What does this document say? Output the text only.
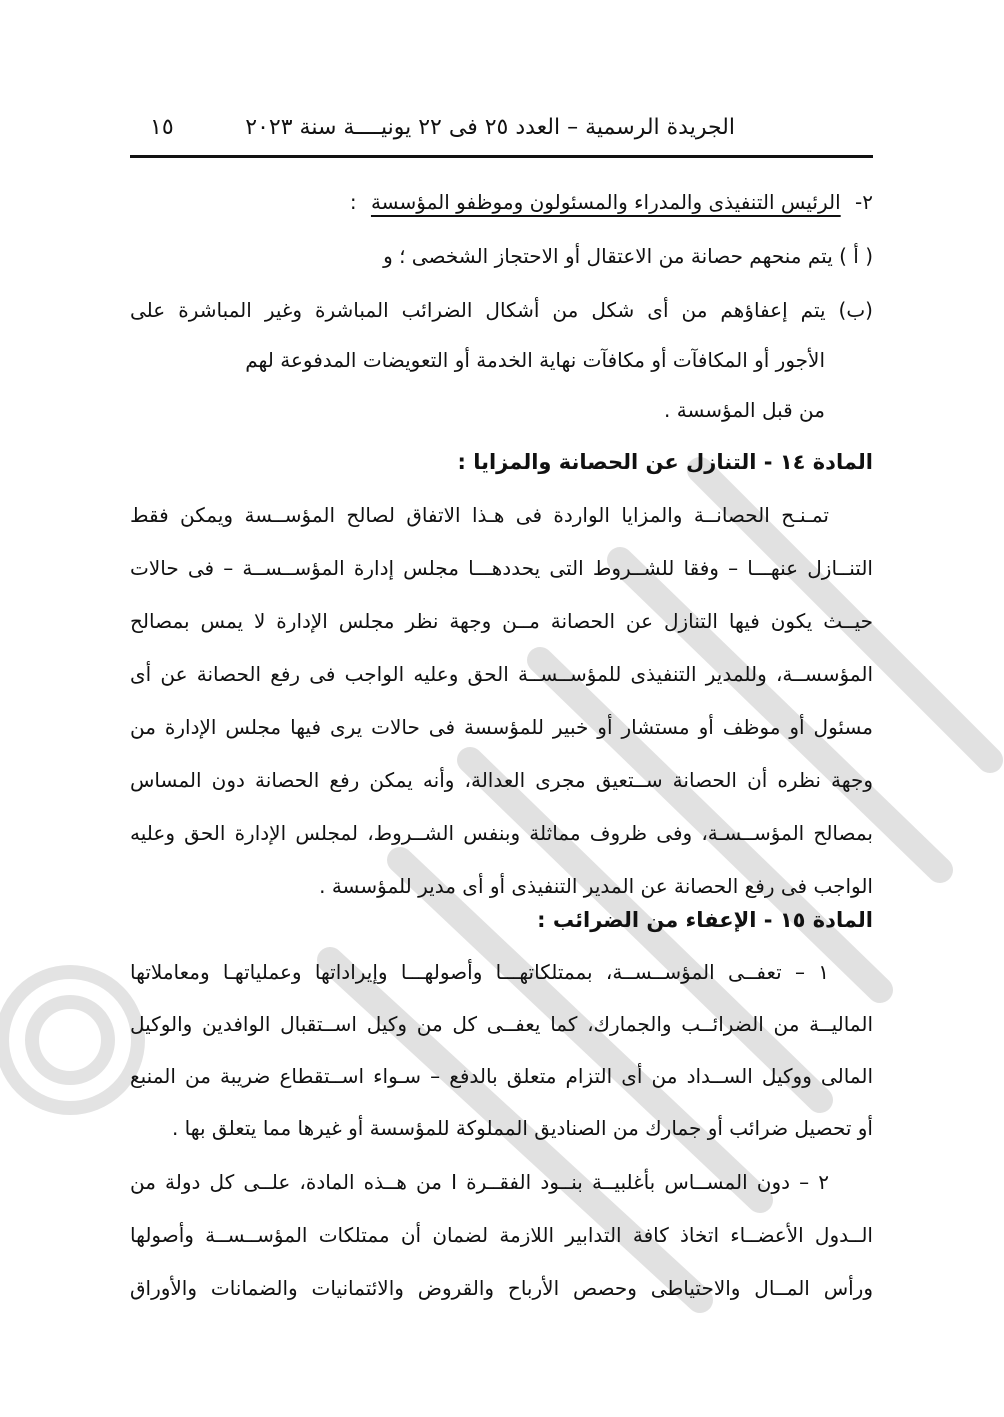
الجريدة الرسمية – العدد ٢٥ فى ٢٢ يونيــــة سنة ٢٠٢٣
١٥
٢- الرئيس التنفيذى والمدراء والمسئولون وموظفو المؤسسة :
( أ ) يتم منحهم حصانة من الاعتقال أو الاحتجاز الشخصى ؛ و
(ب) يتم إعفاؤهم من أى شكل من أشكال الضرائب المباشرة وغير المباشرة على
الأجور أو المكافآت أو مكافآت نهاية الخدمة أو التعويضات المدفوعة لهم
من قبل المؤسسة .
المادة ١٤ - التنازل عن الحصانة والمزايا :
تمـنـح الحصانــة والمزايا الواردة فى هـذا الاتفاق لصالح المؤســسة ويمكن فقط
التنــازل عنهـــا – وفقا للشــروط التى يحددهـــا مجلس إدارة المؤســســة – فى حالات
حيــث يكون فيها التنازل عن الحصانة مــن وجهة نظر مجلس الإدارة لا يمس بمصالح
المؤسســة، وللمدير التنفيذى للمؤســســة الحق وعليه الواجب فى رفع الحصانة عن أى
مسئول أو موظف أو مستشار أو خبير للمؤسسة فى حالات يرى فيها مجلس الإدارة من
وجهة نظره أن الحصانة ســتعيق مجرى العدالة، وأنه يمكن رفع الحصانة دون المساس
بمصالح المؤســسـة، وفى ظروف مماثلة وبنفس الشــروط، لمجلس الإدارة الحق وعليه
الواجب فى رفع الحصانة عن المدير التنفيذى أو أى مدير للمؤسسة .
المادة ١٥ - الإعفاء من الضرائب :
١ – تعفــى المؤســســة، بممتلكاتهـــا وأصولهـــا وإيراداتها وعملياتهـا ومعاملاتها
الماليــة من الضرائــب والجمارك، كما يعفــى كل من وكيل اســتقبال الوافدين والوكيل
المالى ووكيل الســداد من أى التزام متعلق بالدفع – سـواء اســتقطاع ضريبة من المنبع
أو تحصيل ضرائب أو جمارك من الصناديق المملوكة للمؤسسة أو غيرها مما يتعلق بها .
٢ – دون المســاس بأغلبيــة بنــود الفقــرة I من هــذه المادة، علــى كل دولة من
الــدول الأعضــاء اتخاذ كافة التدابير اللازمة لضمان أن ممتلكات المؤســســة وأصولها
ورأس المــال والاحتياطى وحصص الأرباح والقروض والائتمانيات والضمانات والأوراق
